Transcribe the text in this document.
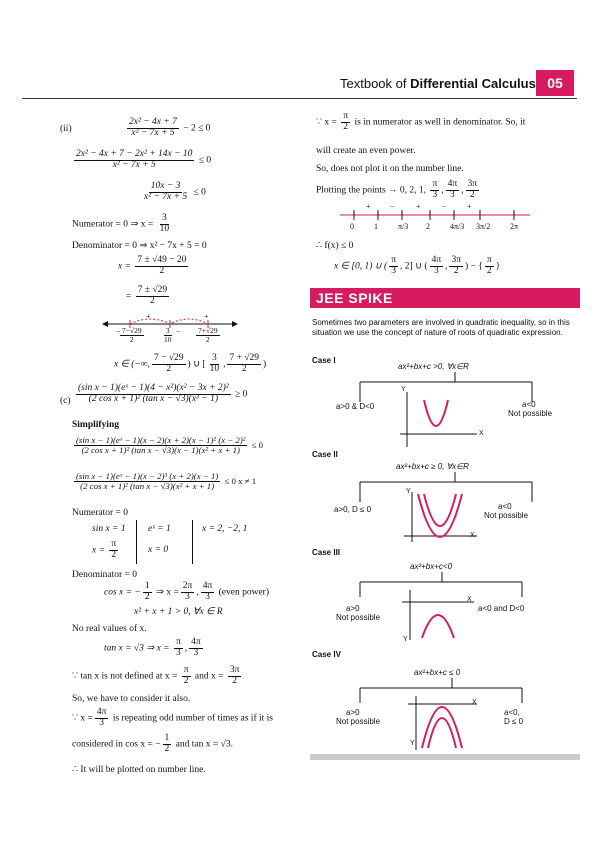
Textbook of Differential Calculus 05
(ii)	$\frac{\text{2x² − 4x + 7}}{\text{x² − 7x + 5}} - 2 \le 0$
$\frac{\text{2x² − 4x + 7 − 2x² + 14x − 10}}{\text{x² − 7x + 5}} \le 0$
$\frac{10x - 3}{\text{x² − 7x + 5}} \le 0$
Numerator = 0 ⇒ $x = \frac{3}{10}$
Denominator = 0 ⇒ x² − 7x + 5 = 0
$x = \frac{7 \pm √49 - 20}{2}$
= $\frac{7 \pm √29}{2}$
+	+
−	−
$\frac{7-√29}{2} \frac{3}{10}$	$\frac{7+√29}{2}$
x ∈ (−∞, $\frac{7 - √29}{2}$ ) ∪ [ $\frac{3}{10}$ , $\frac{7 + √29}{2}$ )
$(c) \frac{\text{(sin x − 1)(eˣ − 1)(4 − x²)(x² − 3x + 2)²}}{\text{(2 cos x + 1)² (tan x − √3)(x³ − 1)}} \ge 0$
Simplifying
$\frac{\text{(sin x − 1)(eˣ − 1)(x − 2)(x + 2)(x − 1)² (x − 2)²}}{\text{(2 cos x + 1)² (tan x − √3)(x − 1)(x² + x + 1)}} \le 0$
$\frac{\text{(sin x − 1)(eˣ − 1)(x − 2)³ (x + 2)(x − 1)}}{\text{(2 cos x + 1)² (tan x − √3)(x² + x + 1)}} \le 0$ x ≠ 1
Numerator = 0
sin x = 1
$x = \frac{\pi}{2}$
eˣ = 1
x = 0
x = 2, −2, 1
Denominator = 0
cos x = − $\frac{1}{2}$ ⇒ $x = \frac{2\pi}{3}$ , $\frac{4\pi}{3}$ (even power)
x² + x + 1 > 0, ∀x ∈ R
No real values of x.
tan x = √3 ⇒ $x = \frac{\pi}{3}$ , $\frac{4\pi}{3}$
∵ tan x is not defined at $x = \frac{\pi}{2}$ and $x = \frac{3\pi}{2}$
So, we have to consider it also.
∵ $x = \frac{4\pi}{3}$ is repeating odd number of times as if it is
considered in cos x = − $\frac{1}{2}$ and tan x = √3.
∴ It will be plotted on number line.
∵ $x = \frac{\pi}{2}$ is in numerator as well in denominator. So, it
will create an even power.
So, does not plot it on the number line.
Plotting the points → 0, 2, 1, $\frac{\pi}{3}$ , $\frac{4\pi}{3}$ , $\frac{3\pi}{2}$
+ −	+	−	+
0	1	π/3 2	4π/3 3π/2 2π
∴ f(x) ≤ 0
x ∈ [0, 1) ∪ ( $\frac{\pi}{3}$ , 2] ∪ ( $\frac{4\pi}{3}$ , $\frac{3\pi}{2}$ ) − { $\frac{\pi}{2}$ }
JEE SPIKE
Sometimes two parameters are involved in quadratic inequality, so in this situation we use the concept of nature of roots of quadratic expression.
Case I
ax²+bx+c >0, ∀x∈R
a>0 & D<0	a<0
Not possible
Y
X
Case II
ax²+bx+c ≥ 0, ∀x∈R
a>0, D ≤ 0	a<0
Not possible
Y
X
Case III
ax²+bx+c<0
a>0
Not possible
a<0 and D<0
Y
X
Case IV
ax²+bx+c ≤ 0
a>0
Not possible
a<0,
D ≤ 0
Y
X
